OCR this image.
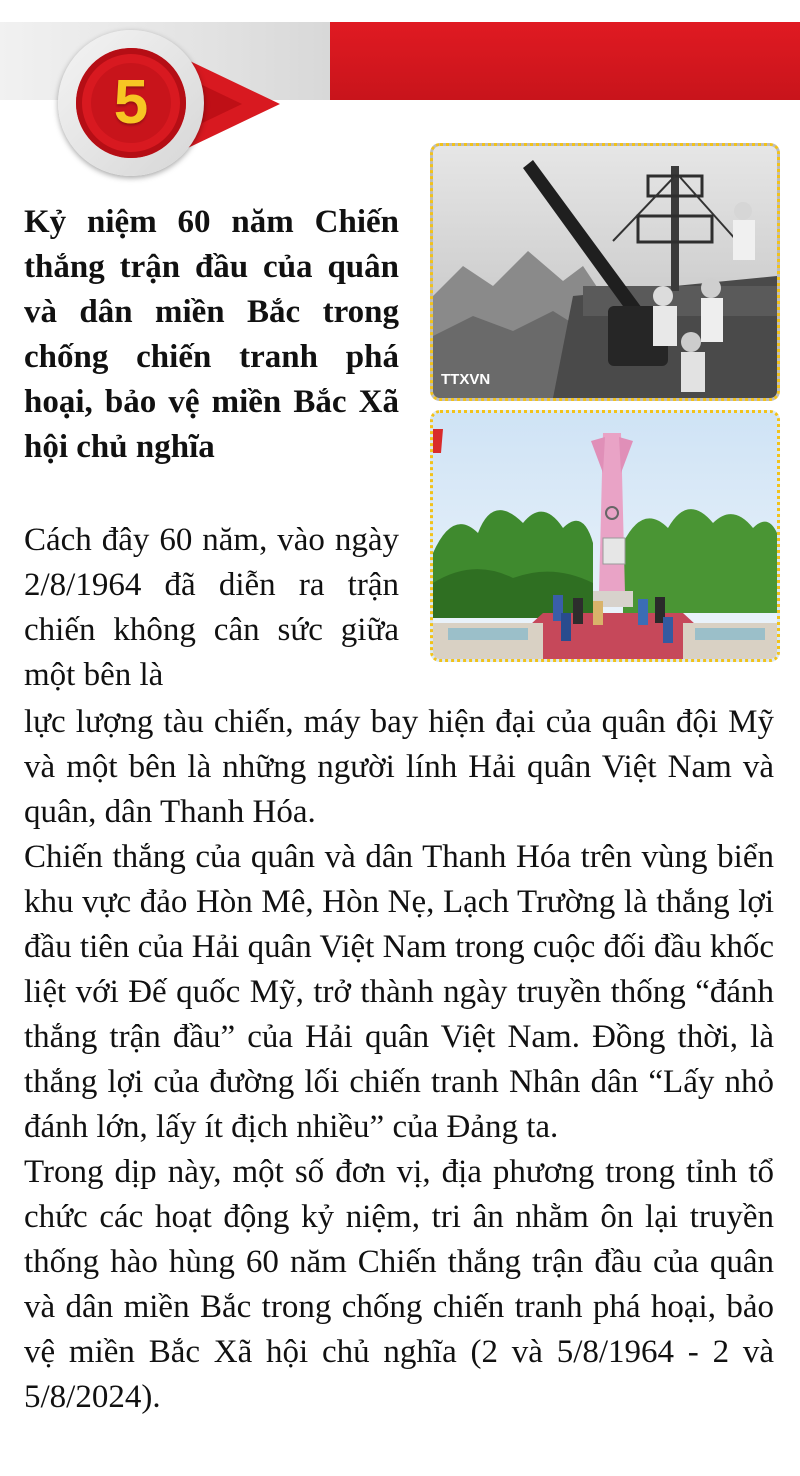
5
Kỷ niệm 60 năm Chiến thắng trận đầu của quân và dân miền Bắc trong chống chiến tranh phá hoại, bảo vệ miền Bắc Xã hội chủ nghĩa

Cách đây 60 năm, vào ngày 2/8/1964 đã diễn ra trận chiến không cân sức giữa một bên là

TTXVN

lực lượng tàu chiến, máy bay hiện đại của quân đội Mỹ và một bên là những người lính Hải quân Việt Nam và quân, dân Thanh Hóa.

Chiến thắng của quân và dân Thanh Hóa trên vùng biển khu vực đảo Hòn Mê, Hòn Nẹ, Lạch Trường là thắng lợi đầu tiên của Hải quân Việt Nam trong cuộc đối đầu khốc liệt với Đế quốc Mỹ, trở thành ngày truyền thống “đánh thắng trận đầu” của Hải quân Việt Nam. Đồng thời, là thắng lợi của đường lối chiến tranh Nhân dân “Lấy nhỏ đánh lớn, lấy ít địch nhiều” của Đảng ta.

Trong dịp này, một số đơn vị, địa phương trong tỉnh tổ chức các hoạt động kỷ niệm, tri ân nhằm ôn lại truyền thống hào hùng 60 năm Chiến thắng trận đầu của quân và dân miền Bắc trong chống chiến tranh phá hoại, bảo vệ miền Bắc Xã hội chủ nghĩa (2 và 5/8/1964 - 2 và 5/8/2024).
